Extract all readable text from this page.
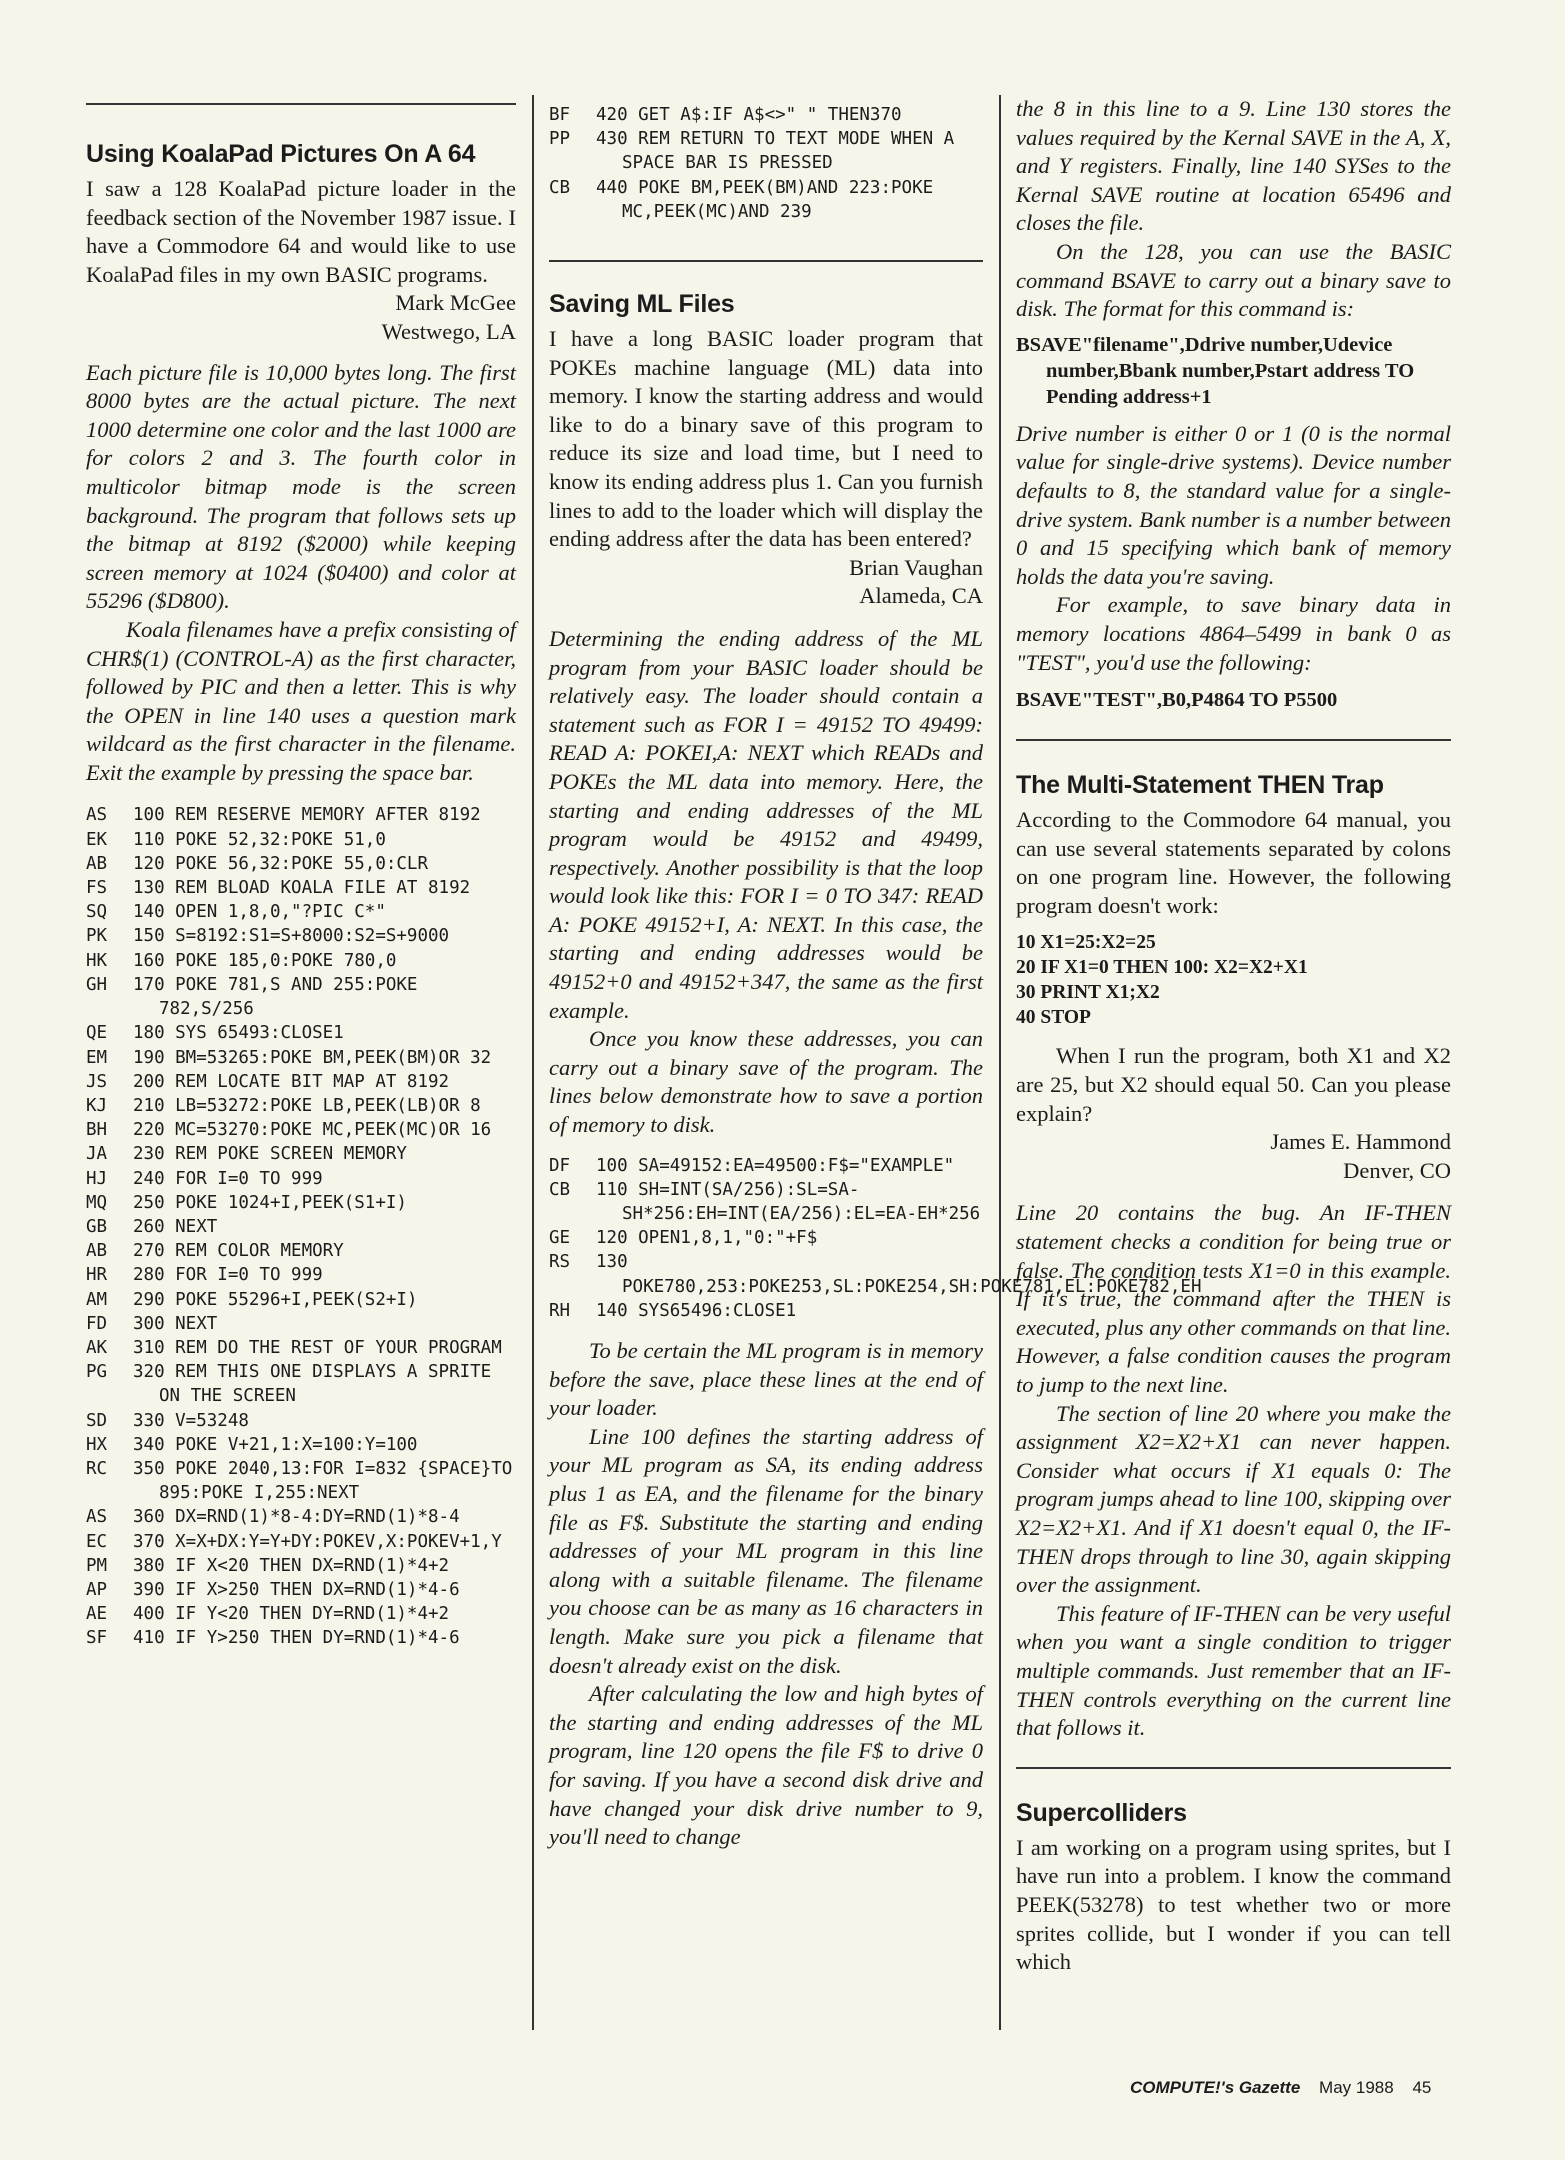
Using KoalaPad Pictures On A 64

I saw a 128 KoalaPad picture loader in the feedback section of the November 1987 issue. I have a Commodore 64 and would like to use KoalaPad files in my own BASIC programs.

Mark McGee
Westwego, LA

Each picture file is 10,000 bytes long. The first 8000 bytes are the actual picture. The next 1000 determine one color and the last 1000 are for colors 2 and 3. The fourth color in multicolor bitmap mode is the screen background. The program that follows sets up the bitmap at 8192 ($2000) while keeping screen memory at 1024 ($0400) and color at 55296 ($D800).

Koala filenames have a prefix consisting of CHR$(1) (CONTROL-A) as the first character, followed by PIC and then a letter. This is why the OPEN in line 140 uses a question mark wildcard as the first character in the filename. Exit the example by pressing the space bar.

AS	100 REM RESERVE MEMORY AFTER 8192
EK	110 POKE 52,32:POKE 51,0
AB	120 POKE 56,32:POKE 55,0:CLR
FS	130 REM BLOAD KOALA FILE AT 8192
SQ	140 OPEN 1,8,0,"?PIC C*"
PK	150 S=8192:S1=S+8000:S2=S+9000
HK	160 POKE 185,0:POKE 780,0
GH	170 POKE 781,S AND 255:POKE 782,S/256
QE	180 SYS 65493:CLOSE1
EM	190 BM=53265:POKE BM,PEEK(BM)OR 32
JS	200 REM LOCATE BIT MAP AT 8192
KJ	210 LB=53272:POKE LB,PEEK(LB)OR 8
BH	220 MC=53270:POKE MC,PEEK(MC)OR 16
JA	230 REM POKE SCREEN MEMORY
HJ	240 FOR I=0 TO 999
MQ	250 POKE 1024+I,PEEK(S1+I)
GB	260 NEXT
AB	270 REM COLOR MEMORY
HR	280 FOR I=0 TO 999
AM	290 POKE 55296+I,PEEK(S2+I)
FD	300 NEXT
AK	310 REM DO THE REST OF YOUR PROGRAM
PG	320 REM THIS ONE DISPLAYS A SPRITE ON THE SCREEN
SD	330 V=53248
HX	340 POKE V+21,1:X=100:Y=100
RC	350 POKE 2040,13:FOR I=832 {SPACE}TO 895:POKE I,255:NEXT
AS	360 DX=RND(1)*8-4:DY=RND(1)*8-4
EC	370 X=X+DX:Y=Y+DY:POKEV,X:POKEV+1,Y
PM	380 IF X<20 THEN DX=RND(1)*4+2
AP	390 IF X>250 THEN DX=RND(1)*4-6
AE	400 IF Y<20 THEN DY=RND(1)*4+2
SF	410 IF Y>250 THEN DY=RND(1)*4-6
BF	420 GET A$:IF A$<>" " THEN370
PP	430 REM RETURN TO TEXT MODE WHEN A SPACE BAR IS PRESSED
CB	440 POKE BM,PEEK(BM)AND 223:POKE MC,PEEK(MC)AND 239
Saving ML Files

I have a long BASIC loader program that POKEs machine language (ML) data into memory. I know the starting address and would like to do a binary save of this program to reduce its size and load time, but I need to know its ending address plus 1. Can you furnish lines to add to the loader which will display the ending address after the data has been entered?

Brian Vaughan
Alameda, CA

Determining the ending address of the ML program from your BASIC loader should be relatively easy. The loader should contain a statement such as FOR I = 49152 TO 49499: READ A: POKEI,A: NEXT which READs and POKEs the ML data into memory. Here, the starting and ending addresses of the ML program would be 49152 and 49499, respectively. Another possibility is that the loop would look like this: FOR I = 0 TO 347: READ A: POKE 49152+I, A: NEXT. In this case, the starting and ending addresses would be 49152+0 and 49152+347, the same as the first example.

Once you know these addresses, you can carry out a binary save of the program. The lines below demonstrate how to save a portion of memory to disk.

DF	100 SA=49152:EA=49500:F$="EXAMPLE"
CB	110 SH=INT(SA/256):SL=SA-SH*256:EH=INT(EA/256):EL=EA-EH*256
GE	120 OPEN1,8,1,"0:"+F$
RS	130 POKE780,253:POKE253,SL:POKE254,SH:POKE781,EL:POKE782,EH
RH	140 SYS65496:CLOSE1

To be certain the ML program is in memory before the save, place these lines at the end of your loader.

Line 100 defines the starting address of your ML program as SA, its ending address plus 1 as EA, and the filename for the binary file as F$. Substitute the starting and ending addresses of your ML program in this line along with a suitable filename. The filename you choose can be as many as 16 characters in length. Make sure you pick a filename that doesn't already exist on the disk.

After calculating the low and high bytes of the starting and ending addresses of the ML program, line 120 opens the file F$ to drive 0 for saving. If you have a second disk drive and have changed your disk drive number to 9, you'll need to change

the 8 in this line to a 9. Line 130 stores the values required by the Kernal SAVE in the A, X, and Y registers. Finally, line 140 SYSes to the Kernal SAVE routine at location 65496 and closes the file.

On the 128, you can use the BASIC command BSAVE to carry out a binary save to disk. The format for this command is:

BSAVE"filename",Ddrive number,Udevice number,Bbank number,Pstart address TO Pending address+1

Drive number is either 0 or 1 (0 is the normal value for single-drive systems). Device number defaults to 8, the standard value for a single-drive system. Bank number is a number between 0 and 15 specifying which bank of memory holds the data you're saving.

For example, to save binary data in memory locations 4864–5499 in bank 0 as "TEST", you'd use the following:

BSAVE"TEST",B0,P4864 TO P5500
The Multi-Statement THEN Trap

According to the Commodore 64 manual, you can use several statements separated by colons on one program line. However, the following program doesn't work:

10 X1=25:X2=25
20 IF X1=0 THEN 100: X2=X2+X1
30 PRINT X1;X2
40 STOP

When I run the program, both X1 and X2 are 25, but X2 should equal 50. Can you please explain?

James E. Hammond
Denver, CO

Line 20 contains the bug. An IF-THEN statement checks a condition for being true or false. The condition tests X1=0 in this example. If it's true, the command after the THEN is executed, plus any other commands on that line. However, a false condition causes the program to jump to the next line.

The section of line 20 where you make the assignment X2=X2+X1 can never happen. Consider what occurs if X1 equals 0: The program jumps ahead to line 100, skipping over X2=X2+X1. And if X1 doesn't equal 0, the IF-THEN drops through to line 30, again skipping over the assignment.

This feature of IF-THEN can be very useful when you want a single condition to trigger multiple commands. Just remember that an IF-THEN controls everything on the current line that follows it.

Supercolliders

I am working on a program using sprites, but I have run into a problem. I know the command PEEK(53278) to test whether two or more sprites collide, but I wonder if you can tell which

COMPUTE!'s Gazette May 1988 45
